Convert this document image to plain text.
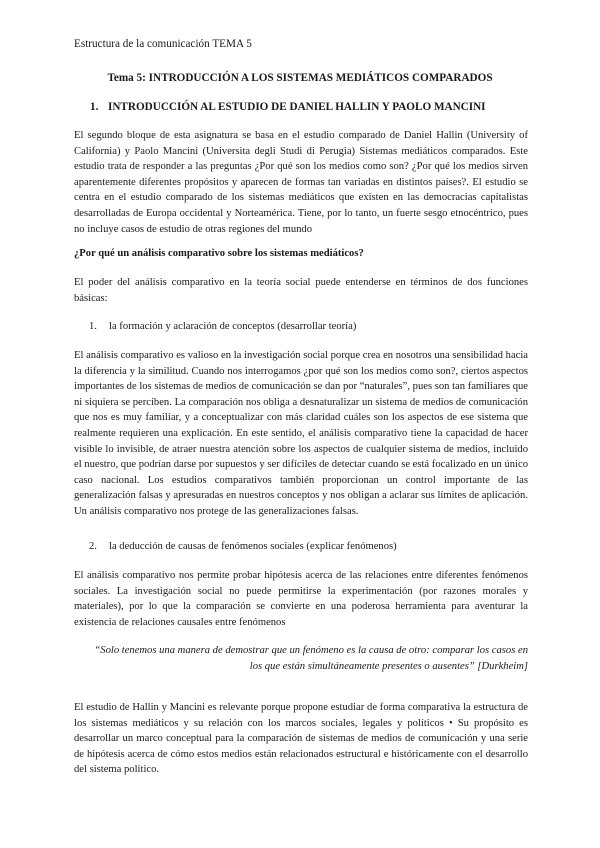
Estructura de la comunicación TEMA 5
Tema 5: INTRODUCCIÓN A LOS SISTEMAS MEDIÁTICOS COMPARADOS
1. INTRODUCCIÓN AL ESTUDIO DE DANIEL HALLIN Y PAOLO MANCINI

El segundo bloque de esta asignatura se basa en el estudio comparado de Daniel Hallin (University of California) y Paolo Mancini (Universita degli Studi di Perugia) Sistemas mediáticos comparados. Este estudio trata de responder a las preguntas ¿Por qué son los medios como son? ¿Por qué los medios sirven aparentemente diferentes propósitos y aparecen de formas tan variadas en distintos países?. El estudio se centra en el estudio comparado de los sistemas mediáticos que existen en las democracias capitalistas desarrolladas de Europa occidental y Norteamérica. Tiene, por lo tanto, un fuerte sesgo etnocéntrico, pues no incluye casos de estudio de otras regiones del mundo

¿Por qué un análisis comparativo sobre los sistemas mediáticos?

El poder del análisis comparativo en la teoría social puede entenderse en términos de dos funciones básicas:

1. la formación y aclaración de conceptos (desarrollar teoría)

El análisis comparativo es valioso en la investigación social porque crea en nosotros una sensibilidad hacia la diferencia y la similitud. Cuando nos interrogamos ¿por qué son los medios como son?, ciertos aspectos importantes de los sistemas de medios de comunicación se dan por “naturales”, pues son tan familiares que ni siquiera se perciben. La comparación nos obliga a desnaturalizar un sistema de medios de comunicación que nos es muy familiar, y a conceptualizar con más claridad cuáles son los aspectos de ese sistema que realmente requieren una explicación. En este sentido, el análisis comparativo tiene la capacidad de hacer visible lo invisible, de atraer nuestra atención sobre los aspectos de cualquier sistema de medios, incluido el nuestro, que podrían darse por supuestos y ser difíciles de detectar cuando se está focalizado en un único caso nacional. Los estudios comparativos también proporcionan un control importante de las generalización falsas y apresuradas en nuestros conceptos y nos obligan a aclarar sus límites de aplicación. Un análisis comparativo nos protege de las generalizaciones falsas.

2. la deducción de causas de fenómenos sociales (explicar fenómenos)

El análisis comparativo nos permite probar hipótesis acerca de las relaciones entre diferentes fenómenos sociales. La investigación social no puede permitirse la experimentación (por razones morales y materiales), por lo que la comparación se convierte en una poderosa herramienta para aventurar la existencia de relaciones causales entre fenómenos

“Solo tenemos una manera de demostrar que un fenómeno es la causa de otro: comparar los casos en
los que están simultáneamente presentes o ausentes” [Durkheim]

El estudio de Hallin y Mancini es relevante porque propone estudiar de forma comparativa la estructura de los sistemas mediáticos y su relación con los marcos sociales, legales y políticos • Su propósito es desarrollar un marco conceptual para la comparación de sistemas de medios de comunicación y una serie de hipótesis acerca de cómo estos medios están relacionados estructural e históricamente con el desarrollo del sistema político.
